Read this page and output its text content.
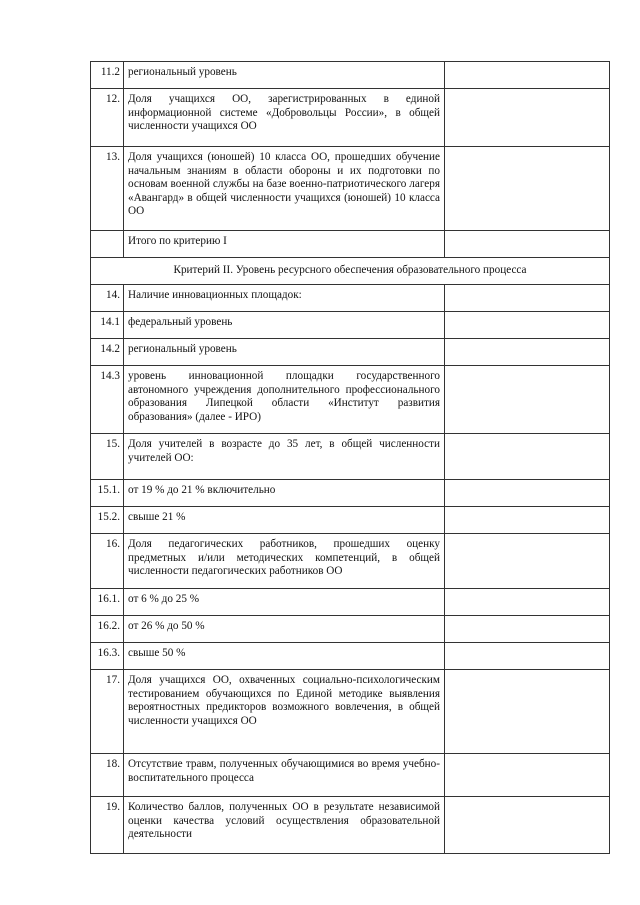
11.2	региональный уровень	
12.	Доля учащихся ОО, зарегистрированных в единой информационной системе «Добровольцы России», в общей численности учащихся ОО	
13.	Доля учащихся (юношей) 10 класса ОО, прошедших обучение начальным знаниям в области обороны и их подготовки по основам военной службы на базе военно-патриотического лагеря «Авангард» в общей численности учащихся (юношей) 10 класса ОО	
	Итого по критерию I	
Критерий II. Уровень ресурсного обеспечения образовательного процесса		
14.	Наличие инновационных площадок:	
14.1	федеральный уровень	
14.2	региональный уровень	
14.3	уровень инновационной площадки государственного автономного учреждения дополнительного профессионального образования Липецкой области «Институт развития образования» (далее - ИРО)	
15.	Доля учителей в возрасте до 35 лет, в общей численности учителей ОО:	
15.1.	от 19 % до 21 % включительно	
15.2.	свыше 21 %	
16.	Доля педагогических работников, прошедших оценку предметных и/или методических компетенций, в общей численности педагогических работников ОО	
16.1.	от 6 % до 25 %	
16.2.	от 26 % до 50 %	
16.3.	свыше 50 %	
17.	Доля учащихся ОО, охваченных социально-психологическим тестированием обучающихся по Единой методике выявления вероятностных предикторов возможного вовлечения, в общей численности учащихся ОО	
18.	Отсутствие травм, полученных обучающимися во время учебно-воспитательного процесса	
19.	Количество баллов, полученных ОО в результате независимой оценки качества условий осуществления образовательной деятельности	
